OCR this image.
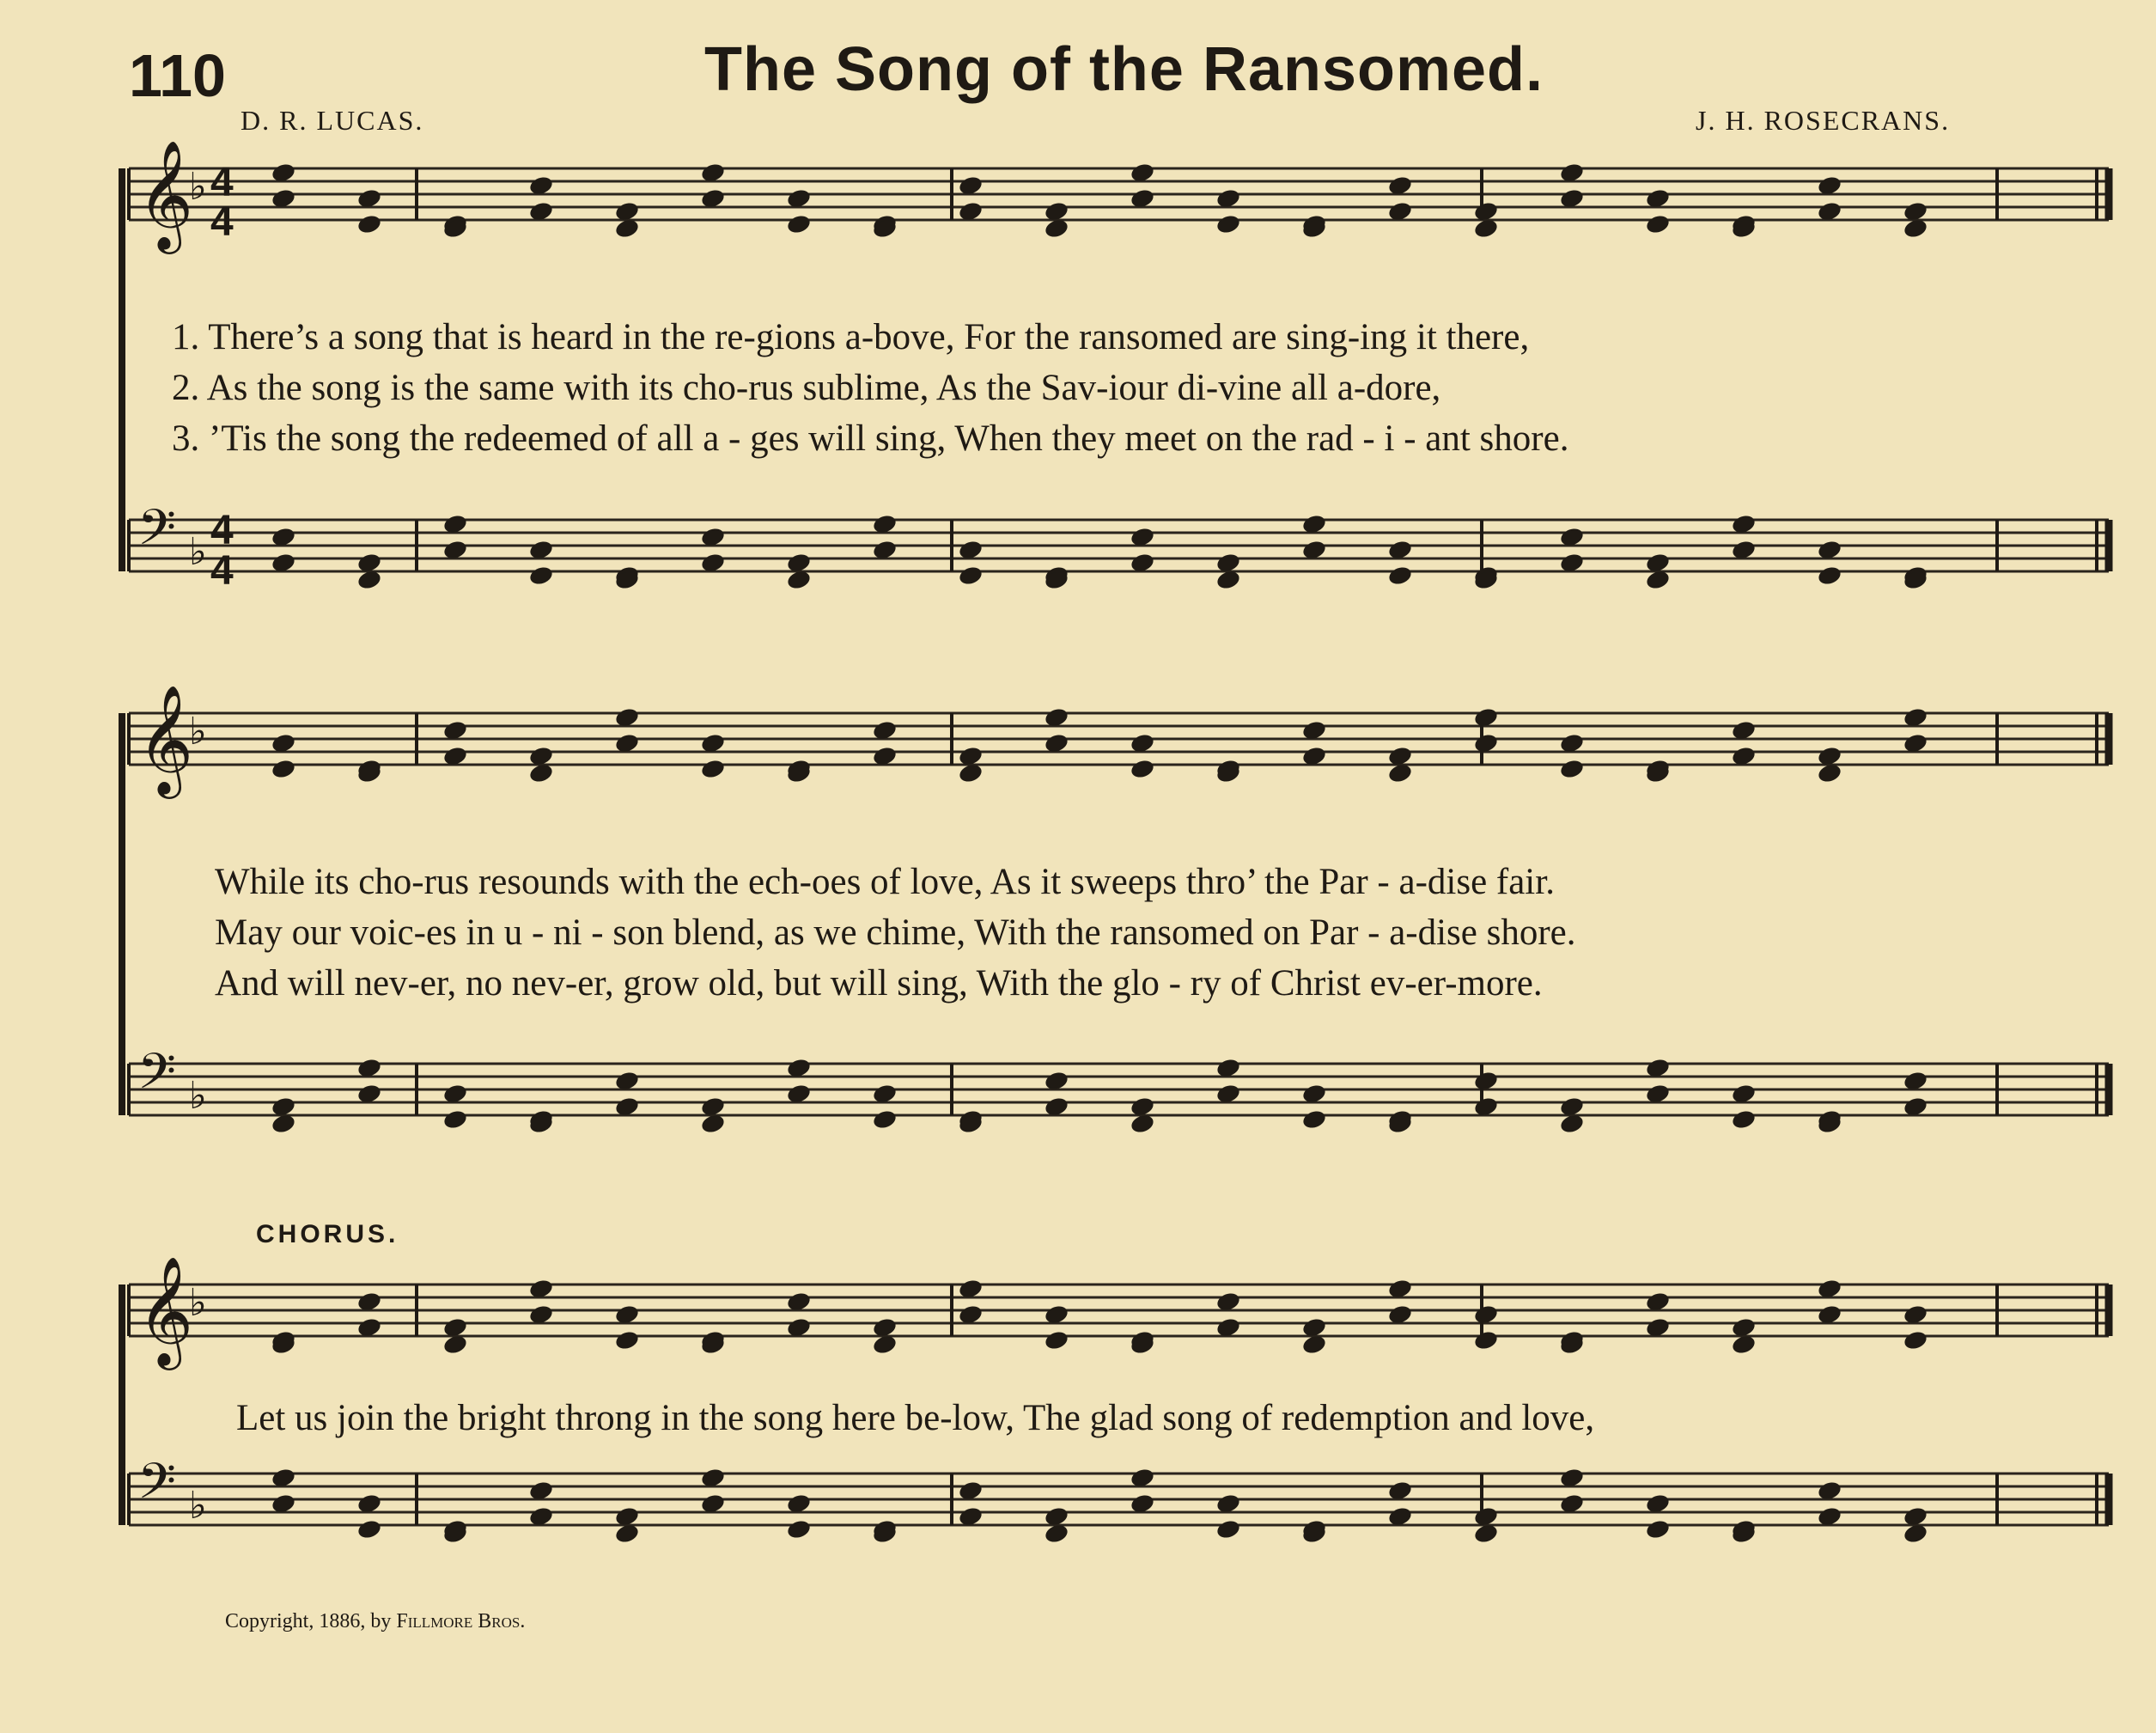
110	The Song of the Ransomed.
D. R. LUCAS.	J. H. ROSECRANS.
𝄞
♭
𝄢 ♭
𝄞
♭
𝄢 ♭
𝄞
♭
𝄢 ♭
4
4
4
4
1. There’s a song that is heard in the re-gions a-bove, For the ransomed are sing-ing it there,
2. As the song is the same with its cho-rus sublime, As the Sav-iour di-vine all a-dore,
3. ’Tis the song the redeemed of all a - ges will sing, When they meet on the rad - i - ant shore.
While its cho-rus resounds with the ech-oes of love, As it sweeps thro’ the Par - a-dise fair.
May our voic-es in u - ni - son blend, as we chime, With the ransomed on Par - a-dise shore.
And will nev-er, no nev-er, grow old, but will sing, With the glo - ry of Christ ev-er-more.
CHORUS.
Let us join the bright throng in the song here be-low, The glad song of redemption and love,
Copyright, 1886, by Fillmore Bros.
